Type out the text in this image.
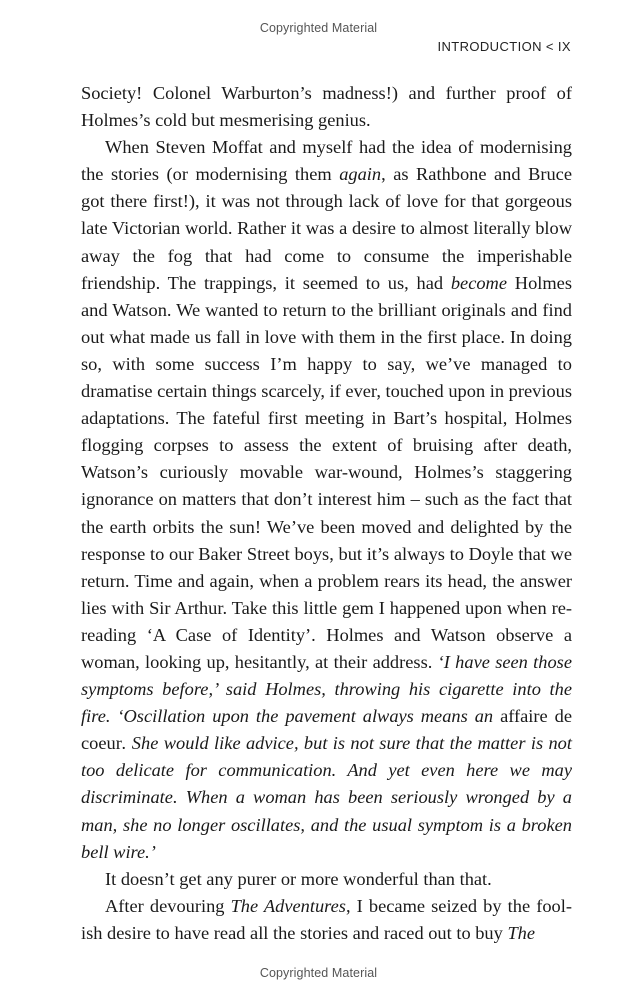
Copyrighted Material
INTRODUCTION < IX

Society! Colonel Warburton’s madness!) and further proof of Holmes’s cold but mesmerising genius.

When Steven Moffat and myself had the idea of modernising the stories (or modernising them again, as Rathbone and Bruce got there first!), it was not through lack of love for that gorgeous late Victorian world. Rather it was a desire to almost literally blow away the fog that had come to consume the imperishable friendship. The trappings, it seemed to us, had become Holmes and Watson. We wanted to return to the brilliant originals and find out what made us fall in love with them in the first place. In doing so, with some success I’m happy to say, we’ve managed to dramatise certain things scarcely, if ever, touched upon in previous adaptations. The fateful first meeting in Bart’s hospital, Holmes flogging corpses to assess the extent of bruising after death, Watson’s curiously movable war-wound, Holmes’s staggering ignorance on matters that don’t interest him – such as the fact that the earth orbits the sun! We’ve been moved and delighted by the response to our Baker Street boys, but it’s always to Doyle that we return. Time and again, when a problem rears its head, the answer lies with Sir Arthur. Take this little gem I happened upon when re-reading ‘A Case of Identity’. Holmes and Watson observe a woman, looking up, hesitantly, at their address. ‘I have seen those symptoms before,’ said Holmes, throwing his cigarette into the fire. ‘Oscillation upon the pavement always means an affaire de coeur. She would like advice, but is not sure that the matter is not too delicate for communication. And yet even here we may discriminate. When a woman has been seriously wronged by a man, she no longer oscillates, and the usual symptom is a broken bell wire.’

It doesn’t get any purer or more wonderful than that.

After devouring The Adventures, I became seized by the foolish desire to have read all the stories and raced out to buy The

Copyrighted Material
